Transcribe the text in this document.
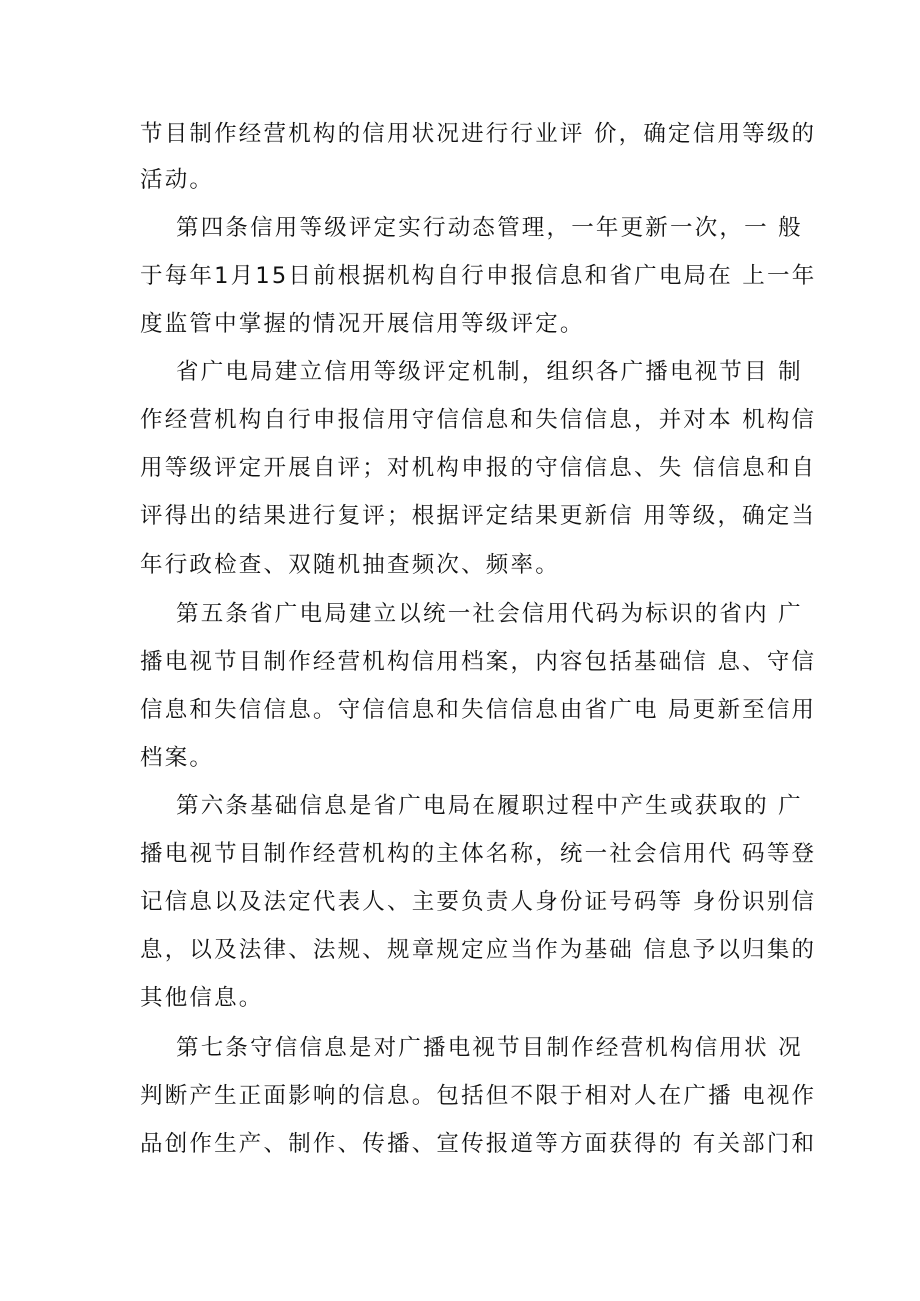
节目制作经营机构的信用状况进行行业评 价，确定信用等级的
活动。
第四条信用等级评定实行动态管理，一年更新一次，一 般
于每年1月15日前根据机构自行申报信息和省广电局在 上一年
度监管中掌握的情况开展信用等级评定。
省广电局建立信用等级评定机制，组织各广播电视节目 制
作经营机构自行申报信用守信信息和失信信息，并对本 机构信
用等级评定开展自评；对机构申报的守信信息、失 信信息和自
评得出的结果进行复评；根据评定结果更新信 用等级，确定当
年行政检查、双随机抽查频次、频率。
第五条省广电局建立以统一社会信用代码为标识的省内 广
播电视节目制作经营机构信用档案，内容包括基础信 息、守信
信息和失信信息。守信信息和失信信息由省广电 局更新至信用
档案。
第六条基础信息是省广电局在履职过程中产生或获取的 广
播电视节目制作经营机构的主体名称，统一社会信用代 码等登
记信息以及法定代表人、主要负责人身份证号码等 身份识别信
息，以及法律、法规、规章规定应当作为基础 信息予以归集的
其他信息。
第七条守信信息是对广播电视节目制作经营机构信用状 况
判断产生正面影响的信息。包括但不限于相对人在广播 电视作
品创作生产、制作、传播、宣传报道等方面获得的 有关部门和
